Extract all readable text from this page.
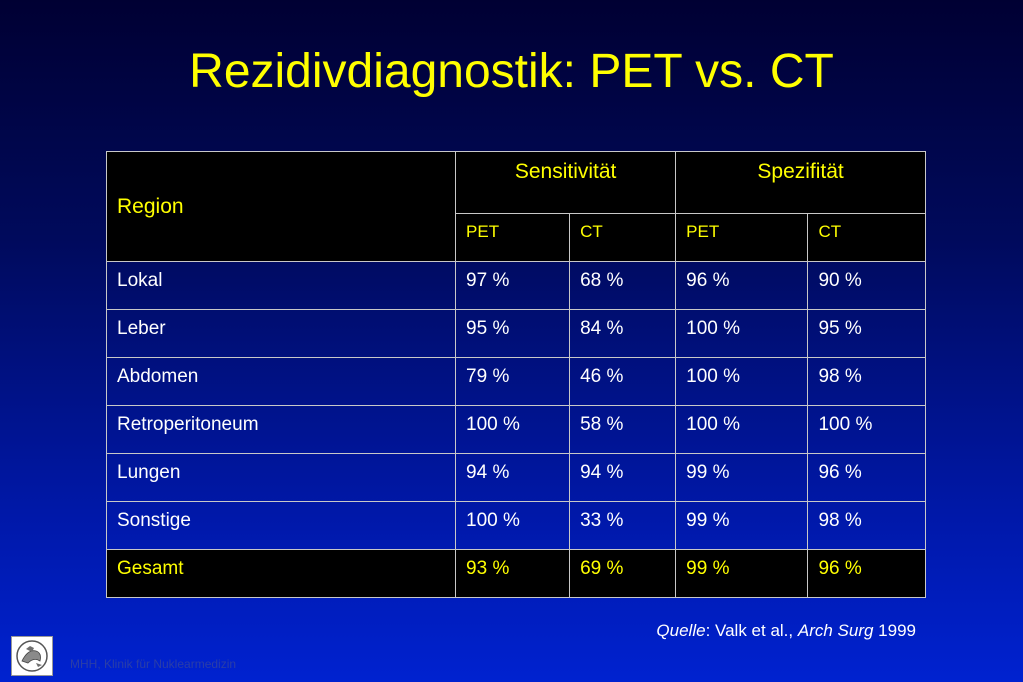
Rezidivdiagnostik: PET vs. CT
Region	Sensitivität		Spezifität	
	PET	CT	PET	CT
Lokal	97 %	68 %	96 %	90 %
Leber	95 %	84 %	100 %	95 %
Abdomen	79 %	46 %	100 %	98 %
Retroperitoneum	100 %	58 %	100 %	100 %
Lungen	94 %	94 %	99 %	96 %
Sonstige	100 %	33 %	99 %	98 %
Gesamt	93 %	69 %	99 %	96 %
Quelle: Valk et al., Arch Surg 1999
MHH, Klinik für Nuklearmedizin
